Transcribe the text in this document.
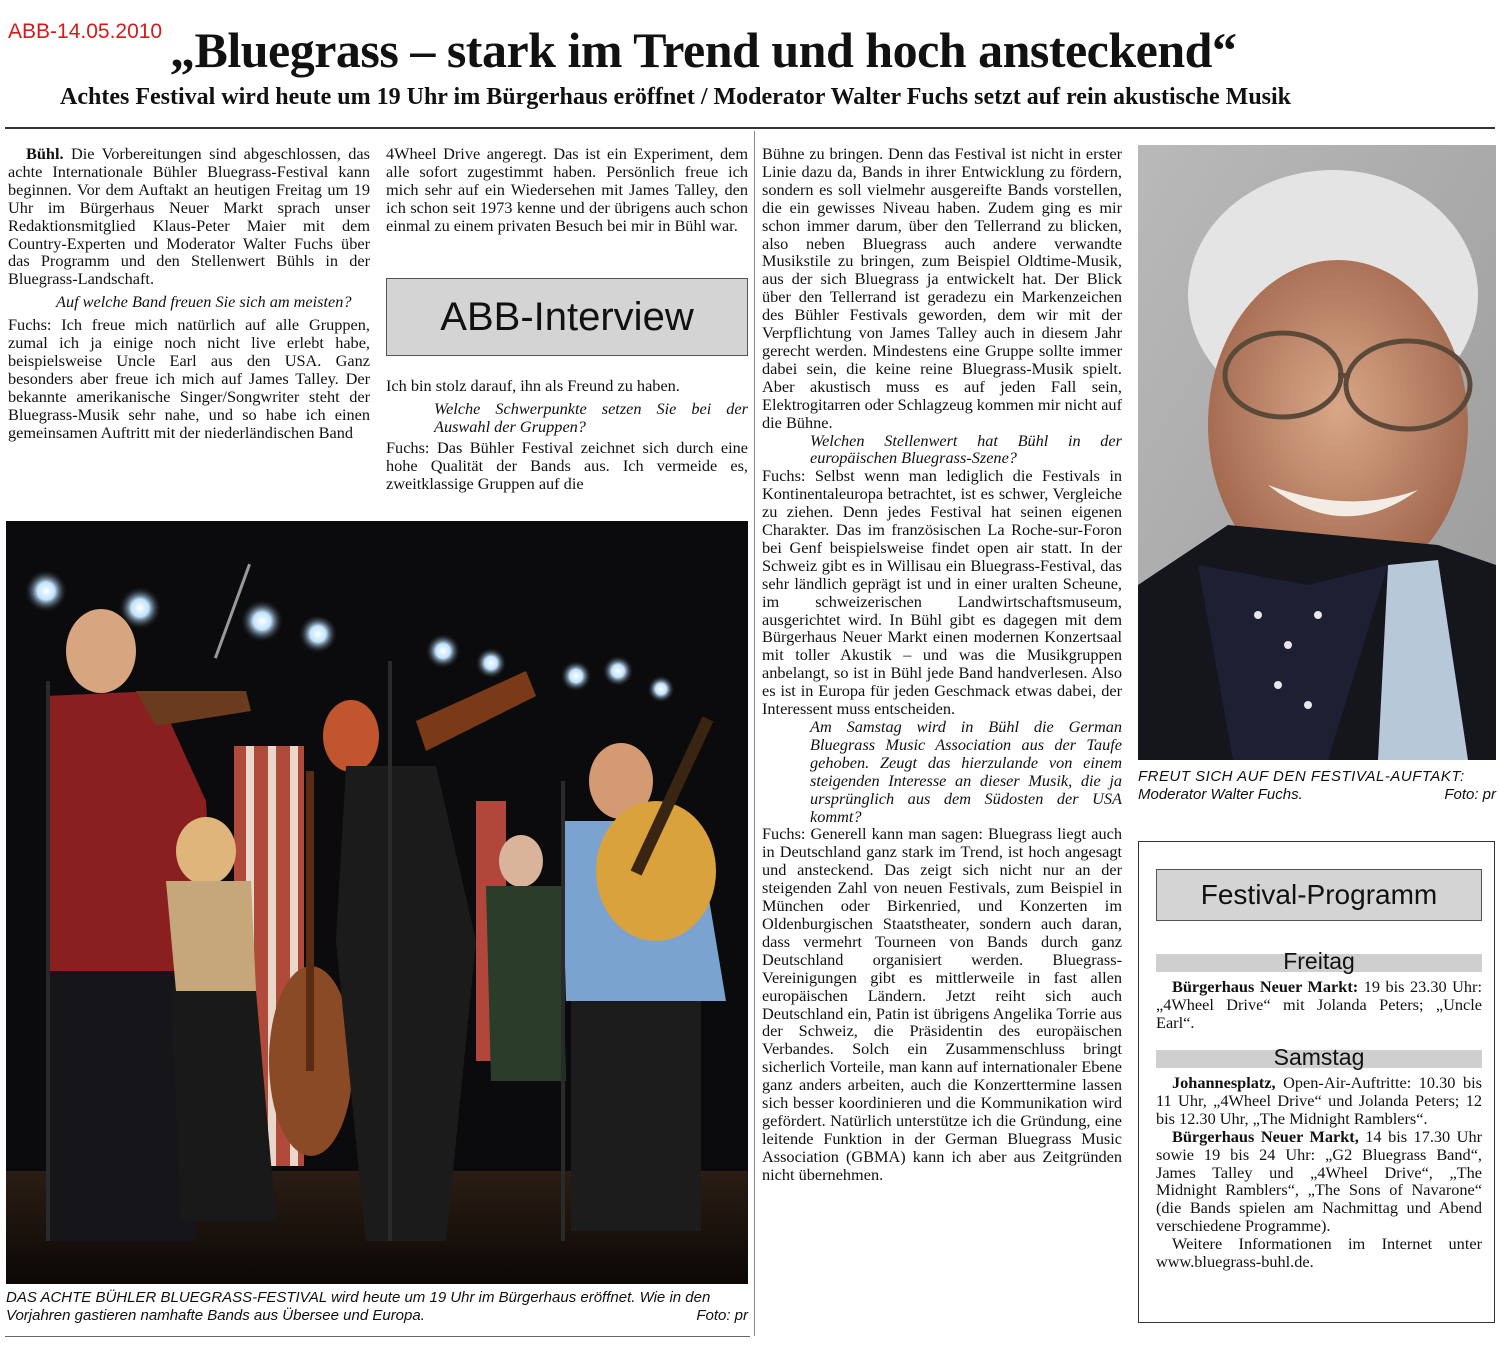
ABB-14.05.2010 „Bluegrass – stark im Trend und hoch ansteckend“
Achtes Festival wird heute um 19 Uhr im Bürgerhaus eröffnet / Moderator Walter Fuchs setzt auf rein akustische Musik

Bühl. Die Vorbereitungen sind abgeschlossen, das achte Internationale Bühler Bluegrass-Festival kann beginnen. Vor dem Auftakt an heutigen Freitag um 19 Uhr im Bürgerhaus Neuer Markt sprach unser Redaktionsmitglied Klaus-Peter Maier mit dem Country-Experten und Moderator Walter Fuchs über das Programm und den Stellenwert Bühls in der Bluegrass-Landschaft.

Auf welche Band freuen Sie sich am meisten?

Fuchs: Ich freue mich natürlich auf alle Gruppen, zumal ich ja einige noch nicht live erlebt habe, beispielsweise Uncle Earl aus den USA. Ganz besonders aber freue ich mich auf James Talley. Der bekannte amerikanische Singer/Songwriter steht der Bluegrass-Musik sehr nahe, und so habe ich einen gemeinsamen Auftritt mit der niederländischen Band

4Wheel Drive angeregt. Das ist ein Experiment, dem alle sofort zugestimmt haben. Persönlich freue ich mich sehr auf ein Wiedersehen mit James Talley, den ich schon seit 1973 kenne und der übrigens auch schon einmal zu einem privaten Besuch bei mir in Bühl war.

ABB-Interview

Ich bin stolz darauf, ihn als Freund zu haben.

Welche Schwerpunkte setzen Sie bei der Auswahl der Gruppen?

Fuchs: Das Bühler Festival zeichnet sich durch eine hohe Qualität der Bands aus. Ich vermeide es, zweitklassige Gruppen auf die

DAS ACHTE BÜHLER BLUEGRASS-FESTIVAL wird heute um 19 Uhr im Bürgerhaus eröffnet. Wie in den Vorjahren gastieren namhafte Bands aus Übersee und Europa.	Foto: pr

Bühne zu bringen. Denn das Festival ist nicht in erster Linie dazu da, Bands in ihrer Entwicklung zu fördern, sondern es soll vielmehr ausgereifte Bands vorstellen, die ein gewisses Niveau haben. Zudem ging es mir schon immer darum, über den Tellerrand zu blicken, also neben Bluegrass auch andere verwandte Musikstile zu bringen, zum Beispiel Oldtime-Musik, aus der sich Bluegrass ja entwickelt hat. Der Blick über den Tellerrand ist geradezu ein Markenzeichen des Bühler Festivals geworden, dem wir mit der Verpflichtung von James Talley auch in diesem Jahr gerecht werden. Mindestens eine Gruppe sollte immer dabei sein, die keine reine Bluegrass-Musik spielt. Aber akustisch muss es auf jeden Fall sein, Elektrogitarren oder Schlagzeug kommen mir nicht auf die Bühne.

Welchen Stellenwert hat Bühl in der europäischen Bluegrass-Szene?

Fuchs: Selbst wenn man lediglich die Festivals in Kontinentaleuropa betrachtet, ist es schwer, Vergleiche zu ziehen. Denn jedes Festival hat seinen eigenen Charakter. Das im französischen La Roche-sur-Foron bei Genf beispielsweise findet open air statt. In der Schweiz gibt es in Willisau ein Bluegrass-Festival, das sehr ländlich geprägt ist und in einer uralten Scheune, im schweizerischen Landwirtschaftsmuseum, ausgerichtet wird. In Bühl gibt es dagegen mit dem Bürgerhaus Neuer Markt einen modernen Konzertsaal mit toller Akustik – und was die Musikgruppen anbelangt, so ist in Bühl jede Band handverlesen. Also es ist in Europa für jeden Geschmack etwas dabei, der Interessent muss entscheiden.

Am Samstag wird in Bühl die German Bluegrass Music Association aus der Taufe gehoben. Zeugt das hierzulande von einem steigenden Interesse an dieser Musik, die ja ursprünglich aus dem Südosten der USA kommt?

Fuchs: Generell kann man sagen: Bluegrass liegt auch in Deutschland ganz stark im Trend, ist hoch angesagt und ansteckend. Das zeigt sich nicht nur an der steigenden Zahl von neuen Festivals, zum Beispiel in München oder Birkenried, und Konzerten im Oldenburgischen Staatstheater, sondern auch daran, dass vermehrt Tourneen von Bands durch ganz Deutschland organisiert werden. Bluegrass-Vereinigungen gibt es mittlerweile in fast allen europäischen Ländern. Jetzt reiht sich auch Deutschland ein, Patin ist übrigens Angelika Torrie aus der Schweiz, die Präsidentin des europäischen Verbandes. Solch ein Zusammenschluss bringt sicherlich Vorteile, man kann auf internationaler Ebene ganz anders arbeiten, auch die Konzerttermine lassen sich besser koordinieren und die Kommunikation wird gefördert. Natürlich unterstütze ich die Gründung, eine leitende Funktion in der German Bluegrass Music Association (GBMA) kann ich aber aus Zeitgründen nicht übernehmen.

FREUT SICH AUF DEN FESTIVAL-AUFTAKT:
Moderator Walter Fuchs.	Foto: pr
Festival-Programm
Freitag

Bürgerhaus Neuer Markt: 19 bis 23.30 Uhr: „4Wheel Drive“ mit Jolanda Peters; „Uncle Earl“.

Samstag

Johannesplatz, Open-Air-Auftritte: 10.30 bis 11 Uhr, „4Wheel Drive“ und Jolanda Peters; 12 bis 12.30 Uhr, „The Midnight Ramblers“.

Bürgerhaus Neuer Markt, 14 bis 17.30 Uhr sowie 19 bis 24 Uhr: „G2 Bluegrass Band“, James Talley und „4Wheel Drive“, „The Midnight Ramblers“, „The Sons of Navarone“ (die Bands spielen am Nachmittag und Abend verschiedene Programme).

Weitere Informationen im Internet unter www.bluegrass-buhl.de.
